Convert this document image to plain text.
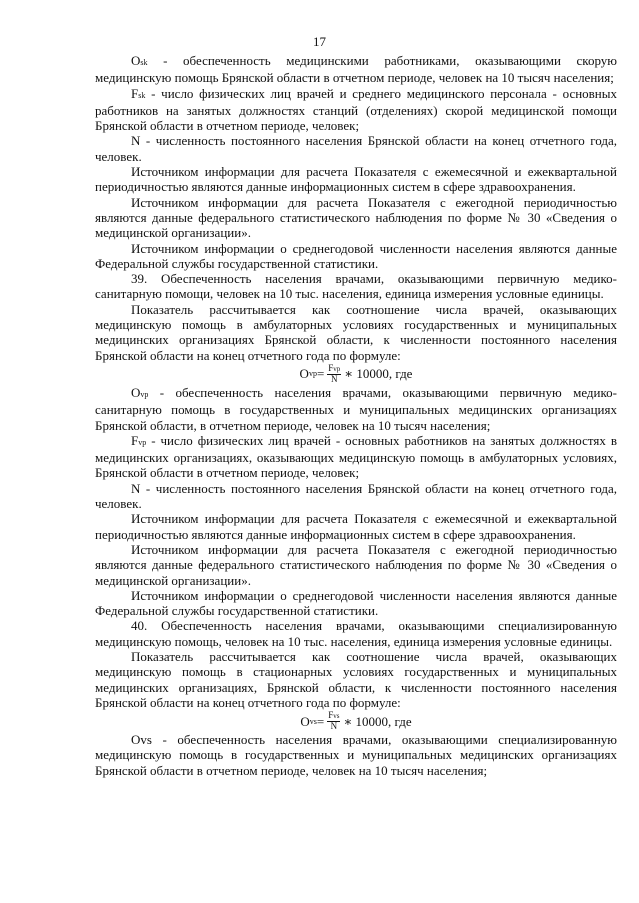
17

Osk - обеспеченность медицинскими работниками, оказывающими скорую медицинскую помощь Брянской области в отчетном периоде, человек на 10 тысяч населения;

Fsk - число физических лиц врачей и среднего медицинского персонала - основных работников на занятых должностях станций (отделениях) скорой медицинской помощи Брянской области в отчетном периоде, человек;

N - численность постоянного населения Брянской области на конец отчетного года, человек.

Источником информации для расчета Показателя с ежемесячной и ежеквартальной периодичностью являются данные информационных систем в сфере здравоохранения.

Источником информации для расчета Показателя с ежегодной периодичностью являются данные федерального статистического наблюдения по форме № 30 «Сведения о медицинской организации».

Источником информации о среднегодовой численности населения являются данные Федеральной службы государственной статистики.

39. Обеспеченность населения врачами, оказывающими первичную медико-санитарную помощи, человек на 10 тыс. населения, единица измерения условные единицы.

Показатель рассчитывается как соотношение числа врачей, оказывающих медицинскую помощь в амбулаторных условиях государственных и муниципальных медицинских организациях Брянской области, к численности постоянного населения Брянской области на конец отчетного года по формуле:

O vp = $\frac{\text{Fvp}}{N}$ ∗ 10000, где

Ovp - обеспеченность населения врачами, оказывающими первичную медико-санитарную помощь в государственных и муниципальных медицинских организациях Брянской области, в отчетном периоде, человек на 10 тысяч населения;

Fvp - число физических лиц врачей - основных работников на занятых должностях в медицинских организациях, оказывающих медицинскую помощь в амбулаторных условиях, Брянской области в отчетном периоде, человек;

N - численность постоянного населения Брянской области на конец отчетного года, человек.

Источником информации для расчета Показателя с ежемесячной и ежеквартальной периодичностью являются данные информационных систем в сфере здравоохранения.

Источником информации для расчета Показателя с ежегодной периодичностью являются данные федерального статистического наблюдения по форме № 30 «Сведения о медицинской организации».

Источником информации о среднегодовой численности населения являются данные Федеральной службы государственной статистики.

40. Обеспеченность населения врачами, оказывающими специализированную медицинскую помощь, человек на 10 тыс. населения, единица измерения условные единицы.

Показатель рассчитывается как соотношение числа врачей, оказывающих медицинскую помощь в стационарных условиях государственных и муниципальных медицинских организациях, Брянской области, к численности постоянного населения Брянской области на конец отчетного года по формуле:

O vs = $\frac{\text{Fvs}}{N}$ ∗ 10000, где

Ovs - обеспеченность населения врачами, оказывающими специализированную медицинскую помощь в государственных и муниципальных медицинских организациях Брянской области в отчетном периоде, человек на 10 тысяч населения;
